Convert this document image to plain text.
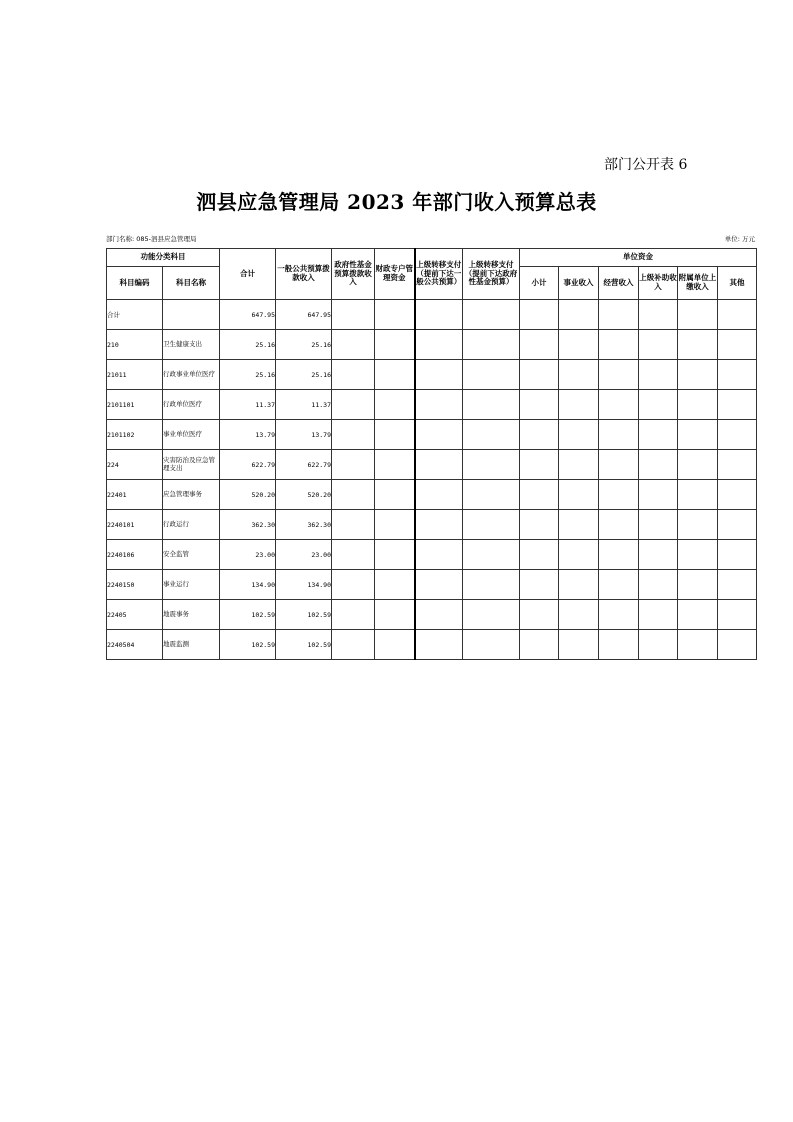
部门公开表 6
泗县应急管理局 2023 年部门收入预算总表
部门名称: 085-泗县应急管理局	单位: 万元
功能分类科目		合计	一般公共预算拨款收入	政府性基金预算拨款收入	财政专户管理资金	上级转移支付（提前下达一般公共预算）	上级转移支付（提前下达政府性基金预算）	单位资金					
科目编码	科目名称							小计	事业收入	经营收入	上级补助收入	附属单位上缴收入	其他
合计		647.95	647.95										
210	卫生健康支出	25.16	25.16										
21011	行政事业单位医疗	25.16	25.16										
2101101	行政单位医疗	11.37	11.37										
2101102	事业单位医疗	13.79	13.79										
224	灾害防治及应急管理支出	622.79	622.79										
22401	应急管理事务	520.20	520.20										
2240101	行政运行	362.30	362.30										
2240106	安全监管	23.00	23.00										
2240150	事业运行	134.90	134.90										
22405	地震事务	102.59	102.59										
2240504	地震监测	102.59	102.59										
